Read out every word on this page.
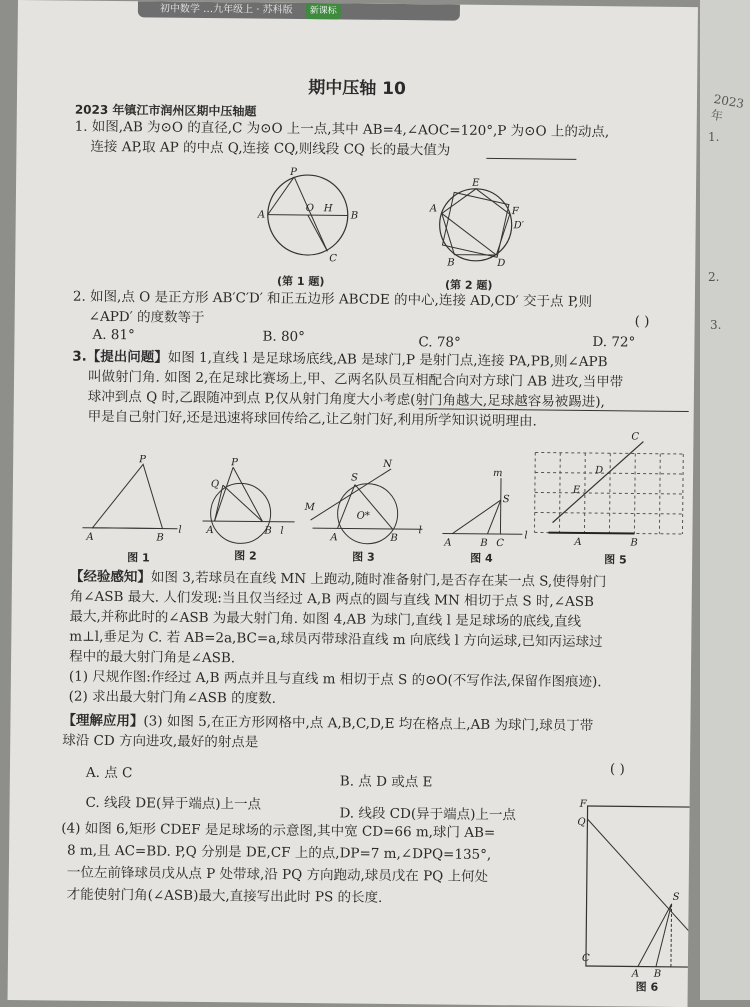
2023 年
1.
2.
3.
初中数学 …九年级上 · 苏科版 新课标
期中压轴 10
2023 年镇江市润州区期中压轴题
1. 如图,AB 为⊙O 的直径,C 为⊙O 上一点,其中 AB=4,∠AOC=120°,P 为⊙O 上的动点,
连接 AP,取 AP 的中点 Q,连接 CQ,则线段 CQ 长的最大值为
A	B
P
O H
C
(第 1 题)
E
F
A
D′
B	D
(第 2 题)
2. 如图,点 O 是正方形 AB′C′D′ 和正五边形 ABCDE 的中心,连接 AD,CD′ 交于点 P,则
∠APD′ 的度数等于	( )
A. 81°	B. 80°	C. 78°	D. 72°
3.【提出问题】如图 1,直线 l 是足球场底线,AB 是球门,P 是射门点,连接 PA,PB,则∠APB
叫做射门角. 如图 2,在足球比赛场上,甲、乙两名队员互相配合向对方球门 AB 进攻,当甲带
球冲到点 Q 时,乙跟随冲到点 P,仅从射门角度大小考虑(射门角越大,足球越容易被踢进),
甲是自己射门好,还是迅速将球回传给乙,让乙射门好,利用所学知识说明理由.
P
A	B
l
P
Q
A	B l
M
N
S
O*
A	B
l
m
S
A	B C
l
C
D
E
A	B
图 1	图 2	图 3	图 4	图 5
【经验感知】如图 3,若球员在直线 MN 上跑动,随时准备射门,是否存在某一点 S,使得射门
角∠ASB 最大. 人们发现:当且仅当经过 A,B 两点的圆与直线 MN 相切于点 S 时,∠ASB
最大,并称此时的∠ASB 为最大射门角. 如图 4,AB 为球门,直线 l 是足球场的底线,直线
m⊥l,垂足为 C. 若 AB=2a,BC=a,球员丙带球沿直线 m 向底线 l 方向运球,已知丙运球过
程中的最大射门角是∠ASB.
(1) 尺规作图:作经过 A,B 两点并且与直线 m 相切于点 S 的⊙O(不写作法,保留作图痕迹).
(2) 求出最大射门角∠ASB 的度数.
【理解应用】(3) 如图 5,在正方形网格中,点 A,B,C,D,E 均在格点上,AB 为球门,球员丁带
球沿 CD 方向进攻,最好的射点是
( )
A. 点 C
B. 点 D 或点 E
C. 线段 DE(异于端点)上一点
D. 线段 CD(异于端点)上一点
(4) 如图 6,矩形 CDEF 是足球场的示意图,其中宽 CD=66 m,球门 AB=
8 m,且 AC=BD. P,Q 分别是 DE,CF 上的点,DP=7 m,∠DPQ=135°,
一位左前锋球员戊从点 P 处带球,沿 PQ 方向跑动,球员戊在 PQ 上何处
才能使射门角(∠ASB)最大,直接写出此时 PS 的长度.
F
Q
S
C
A B
图 6
